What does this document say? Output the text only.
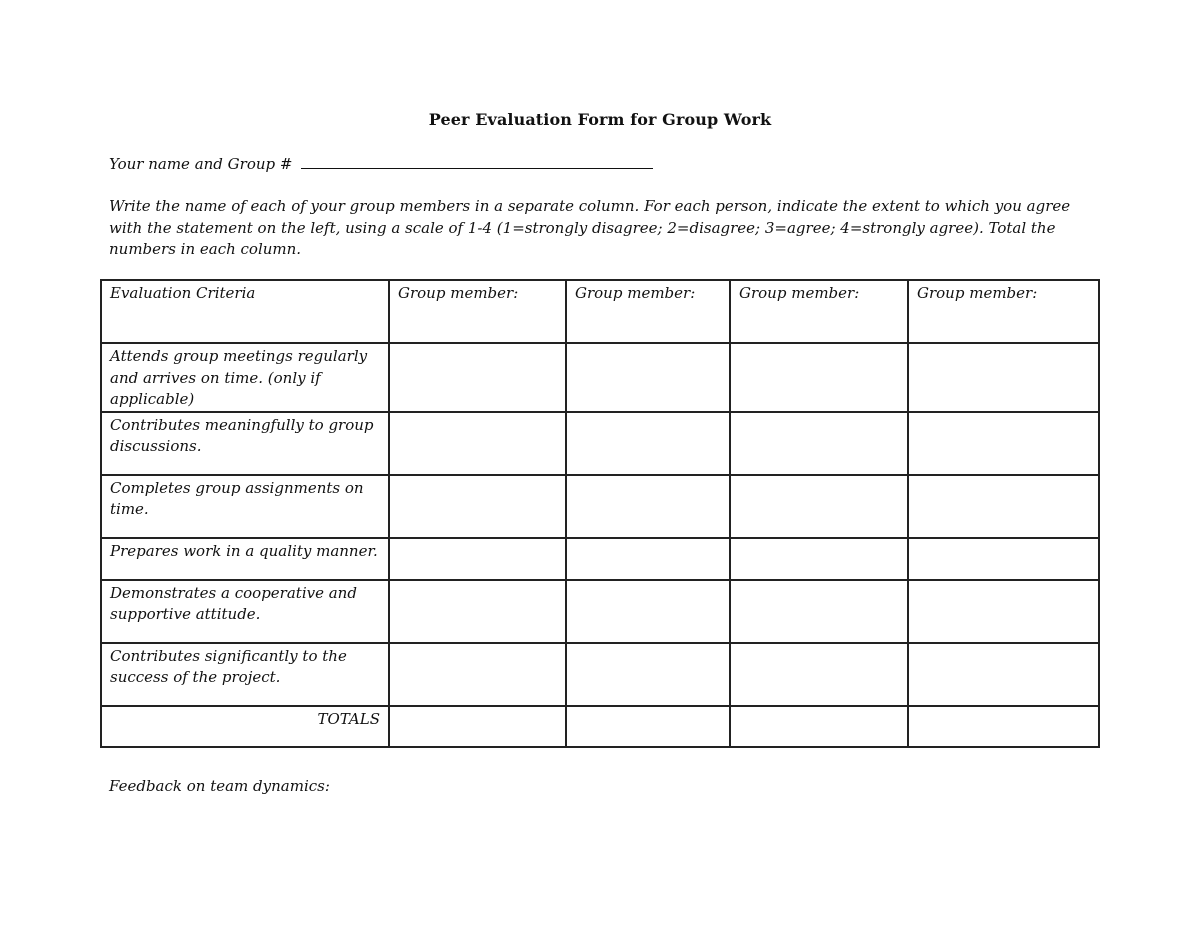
Peer Evaluation Form for Group Work
Your name and Group #
Write the name of each of your group members in a separate column. For each person, indicate the extent to which you agree with the statement on the left, using a scale of 1-4 (1=strongly disagree; 2=disagree; 3=agree; 4=strongly agree). Total the numbers in each column.
Evaluation Criteria	Group member:	Group member:	Group member:	Group member:
Attends group meetings regularly and arrives on time. (only if applicable)				
Contributes meaningfully to group discussions.				
Completes group assignments on time.				
Prepares work in a quality manner.				
Demonstrates a cooperative and supportive attitude.				
Contributes significantly to the success of the project.				
TOTALS				
Feedback on team dynamics:
